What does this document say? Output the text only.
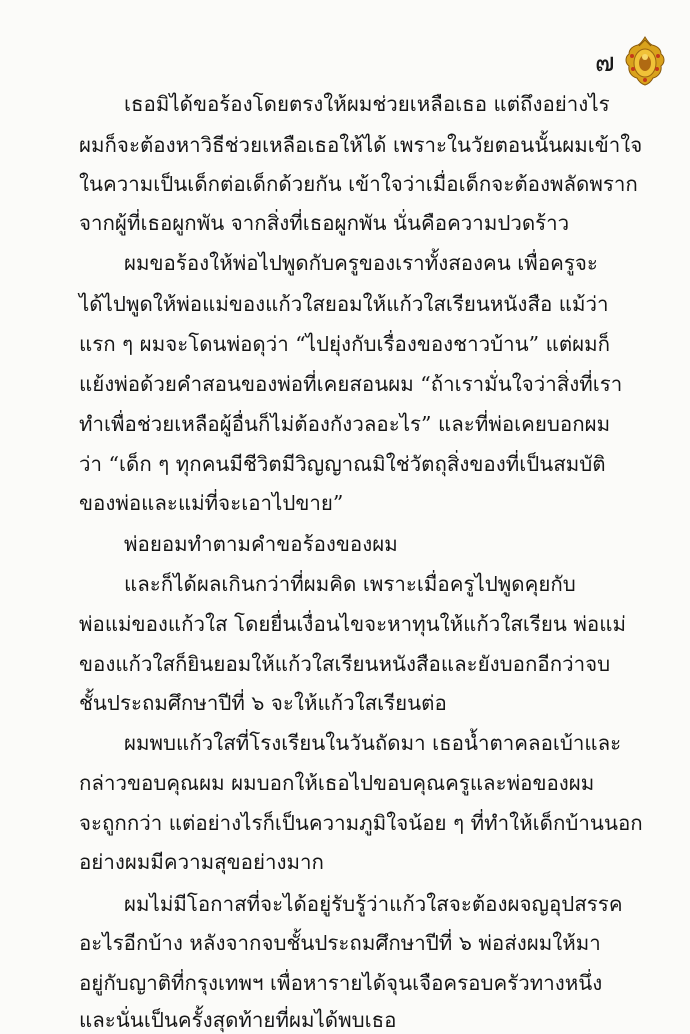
๗
เธอมิได้ขอร้องโดยตรงให้ผมช่วยเหลือเธอ แต่ถึงอย่างไร
ผมก็จะต้องหาวิธีช่วยเหลือเธอให้ได้ เพราะในวัยตอนนั้นผมเข้าใจ
ในความเป็นเด็กต่อเด็กด้วยกัน เข้าใจว่าเมื่อเด็กจะต้องพลัดพราก
จากผู้ที่เธอผูกพัน จากสิ่งที่เธอผูกพัน นั่นคือความปวดร้าว
ผมขอร้องให้พ่อไปพูดกับครูของเราทั้งสองคน เพื่อครูจะ
ได้ไปพูดให้พ่อแม่ของแก้วใสยอมให้แก้วใสเรียนหนังสือ แม้ว่า
แรก ๆ ผมจะโดนพ่อดุว่า “ไปยุ่งกับเรื่องของชาวบ้าน” แต่ผมก็
แย้งพ่อด้วยคำสอนของพ่อที่เคยสอนผม “ถ้าเรามั่นใจว่าสิ่งที่เรา
ทำเพื่อช่วยเหลือผู้อื่นก็ไม่ต้องกังวลอะไร” และที่พ่อเคยบอกผม
ว่า “เด็ก ๆ ทุกคนมีชีวิตมีวิญญาณมิใช่วัตถุสิ่งของที่เป็นสมบัติ
ของพ่อและแม่ที่จะเอาไปขาย”
พ่อยอมทำตามคำขอร้องของผม
และก็ได้ผลเกินกว่าที่ผมคิด เพราะเมื่อครูไปพูดคุยกับ
พ่อแม่ของแก้วใส โดยยื่นเงื่อนไขจะหาทุนให้แก้วใสเรียน พ่อแม่
ของแก้วใสก็ยินยอมให้แก้วใสเรียนหนังสือและยังบอกอีกว่าจบ
ชั้นประถมศึกษาปีที่ ๖ จะให้แก้วใสเรียนต่อ
ผมพบแก้วใสที่โรงเรียนในวันถัดมา เธอน้ำตาคลอเบ้าและ
กล่าวขอบคุณผม ผมบอกให้เธอไปขอบคุณครูและพ่อของผม
จะถูกกว่า แต่อย่างไรก็เป็นความภูมิใจน้อย ๆ ที่ทำให้เด็กบ้านนอก
อย่างผมมีความสุขอย่างมาก
ผมไม่มีโอกาสที่จะได้อยู่รับรู้ว่าแก้วใสจะต้องผจญอุปสรรค
อะไรอีกบ้าง หลังจากจบชั้นประถมศึกษาปีที่ ๖ พ่อส่งผมให้มา
อยู่กับญาติที่กรุงเทพฯ เพื่อหารายได้จุนเจือครอบครัวทางหนึ่ง
และนั่นเป็นครั้งสุดท้ายที่ผมได้พบเธอ
